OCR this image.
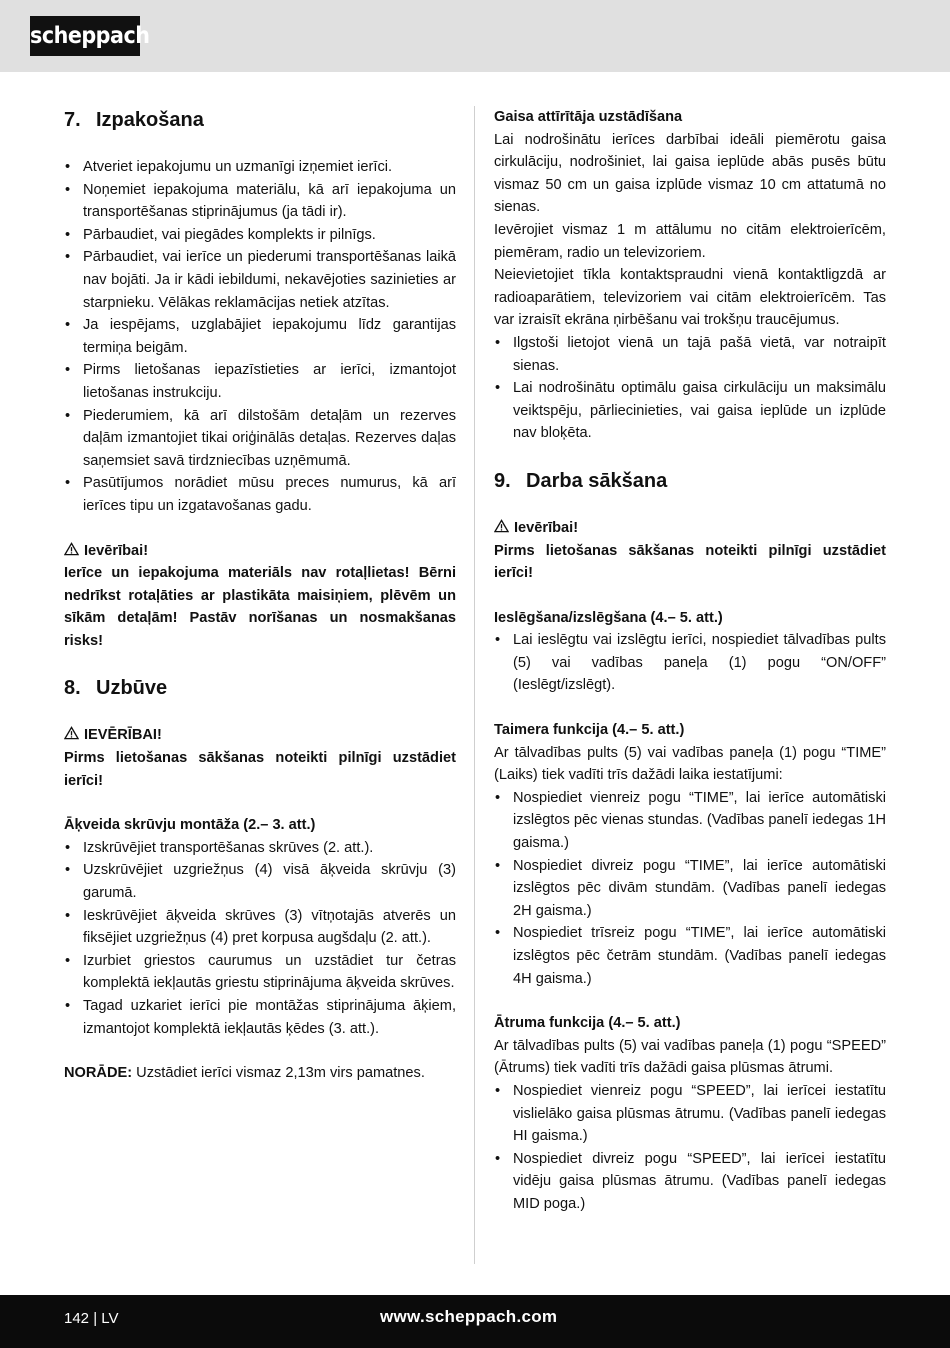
scheppach
7. Izpakošana
• Atveriet iepakojumu un uzmanīgi izņemiet ierīci.
• Noņemiet iepakojuma materiālu, kā arī iepakojuma un transportēšanas stiprinājumus (ja tādi ir).
• Pārbaudiet, vai piegādes komplekts ir pilnīgs.
• Pārbaudiet, vai ierīce un piederumi transportēšanas laikā nav bojāti. Ja ir kādi iebildumi, nekavējoties sazinieties ar starpnieku. Vēlākas reklamācijas netiek atzītas.
• Ja iespējams, uzglabājiet iepakojumu līdz garantijas termiņa beigām.
• Pirms lietošanas iepazīstieties ar ierīci, izmantojot lietošanas instrukciju.
• Piederumiem, kā arī dilstošām detaļām un rezerves daļām izmantojiet tikai oriģinālās detaļas. Rezerves daļas saņemsiet savā tirdzniecības uzņēmumā.
• Pasūtījumos norādiet mūsu preces numurus, kā arī ierīces tipu un izgatavošanas gadu.

Ievērībai!

Ierīce un iepakojuma materiāls nav rotaļlietas! Bērni nedrīkst rotaļāties ar plastikāta maisiņiem, plēvēm un sīkām detaļām! Pastāv norīšanas un nosmakšanas risks!

8. Uzbūve

IEVĒRĪBAI!

Pirms lietošanas sākšanas noteikti pilnīgi uzstādiet ierīci!

Āķveida skrūvju montāža (2.– 3. att.)

• Izskrūvējiet transportēšanas skrūves (2. att.).
• Uzskrūvējiet uzgriežņus (4) visā āķveida skrūvju (3) garumā.
• Ieskrūvējiet āķveida skrūves (3) vītņotajās atverēs un fiksējiet uzgriežņus (4) pret korpusa augšdaļu (2. att.).
• Izurbiet griestos caurumus un uzstādiet tur četras komplektā iekļautās griestu stiprinājuma āķveida skrūves.
• Tagad uzkariet ierīci pie montāžas stiprinājuma āķiem, izmantojot komplektā iekļautās ķēdes (3. att.).

NORĀDE: Uzstādiet ierīci vismaz 2,13m virs pamatnes.

Gaisa attīrītāja uzstādīšana

Lai nodrošinātu ierīces darbībai ideāli piemērotu gaisa cirkulāciju, nodrošiniet, lai gaisa ieplūde abās pusēs būtu vismaz 50 cm un gaisa izplūde vismaz 10 cm attatumā no sienas.

Ievērojiet vismaz 1 m attālumu no citām elektroierīcēm, piemēram, radio un televizoriem.

Neievietojiet tīkla kontaktspraudni vienā kontaktligzdā ar radioaparātiem, televizoriem vai citām elektroierīcēm. Tas var izraisīt ekrāna ņirbēšanu vai trokšņu traucējumus.

• Ilgstoši lietojot vienā un tajā pašā vietā, var notraipīt sienas.
• Lai nodrošinātu optimālu gaisa cirkulāciju un maksimālu veiktspēju, pārliecinieties, vai gaisa ieplūde un izplūde nav bloķēta.
9. Darba sākšana

Ievērībai!

Pirms lietošanas sākšanas noteikti pilnīgi uzstādiet ierīci!

Ieslēgšana/izslēgšana (4.– 5. att.)

• Lai ieslēgtu vai izslēgtu ierīci, nospiediet tālvadības pults (5) vai vadības paneļa (1) pogu “ON/OFF” (Ieslēgt/izslēgt).

Taimera funkcija (4.– 5. att.)

Ar tālvadības pults (5) vai vadības paneļa (1) pogu “TIME” (Laiks) tiek vadīti trīs dažādi laika iestatījumi:

• Nospiediet vienreiz pogu “TIME”, lai ierīce automātiski izslēgtos pēc vienas stundas. (Vadības panelī iedegas 1H gaisma.)
• Nospiediet divreiz pogu “TIME”, lai ierīce automātiski izslēgtos pēc divām stundām. (Vadības panelī iedegas 2H gaisma.)
• Nospiediet trīsreiz pogu “TIME”, lai ierīce automātiski izslēgtos pēc četrām stundām. (Vadības panelī iedegas 4H gaisma.)

Ātruma funkcija (4.– 5. att.)

Ar tālvadības pults (5) vai vadības paneļa (1) pogu “SPEED” (Ātrums) tiek vadīti trīs dažādi gaisa plūsmas ātrumi.

• Nospiediet vienreiz pogu “SPEED”, lai ierīcei iestatītu vislielāko gaisa plūsmas ātrumu. (Vadības panelī iedegas HI gaisma.)
• Nospiediet divreiz pogu “SPEED”, lai ierīcei iestatītu vidēju gaisa plūsmas ātrumu. (Vadības panelī iedegas MID poga.)
142 | LV	www.scheppach.com
